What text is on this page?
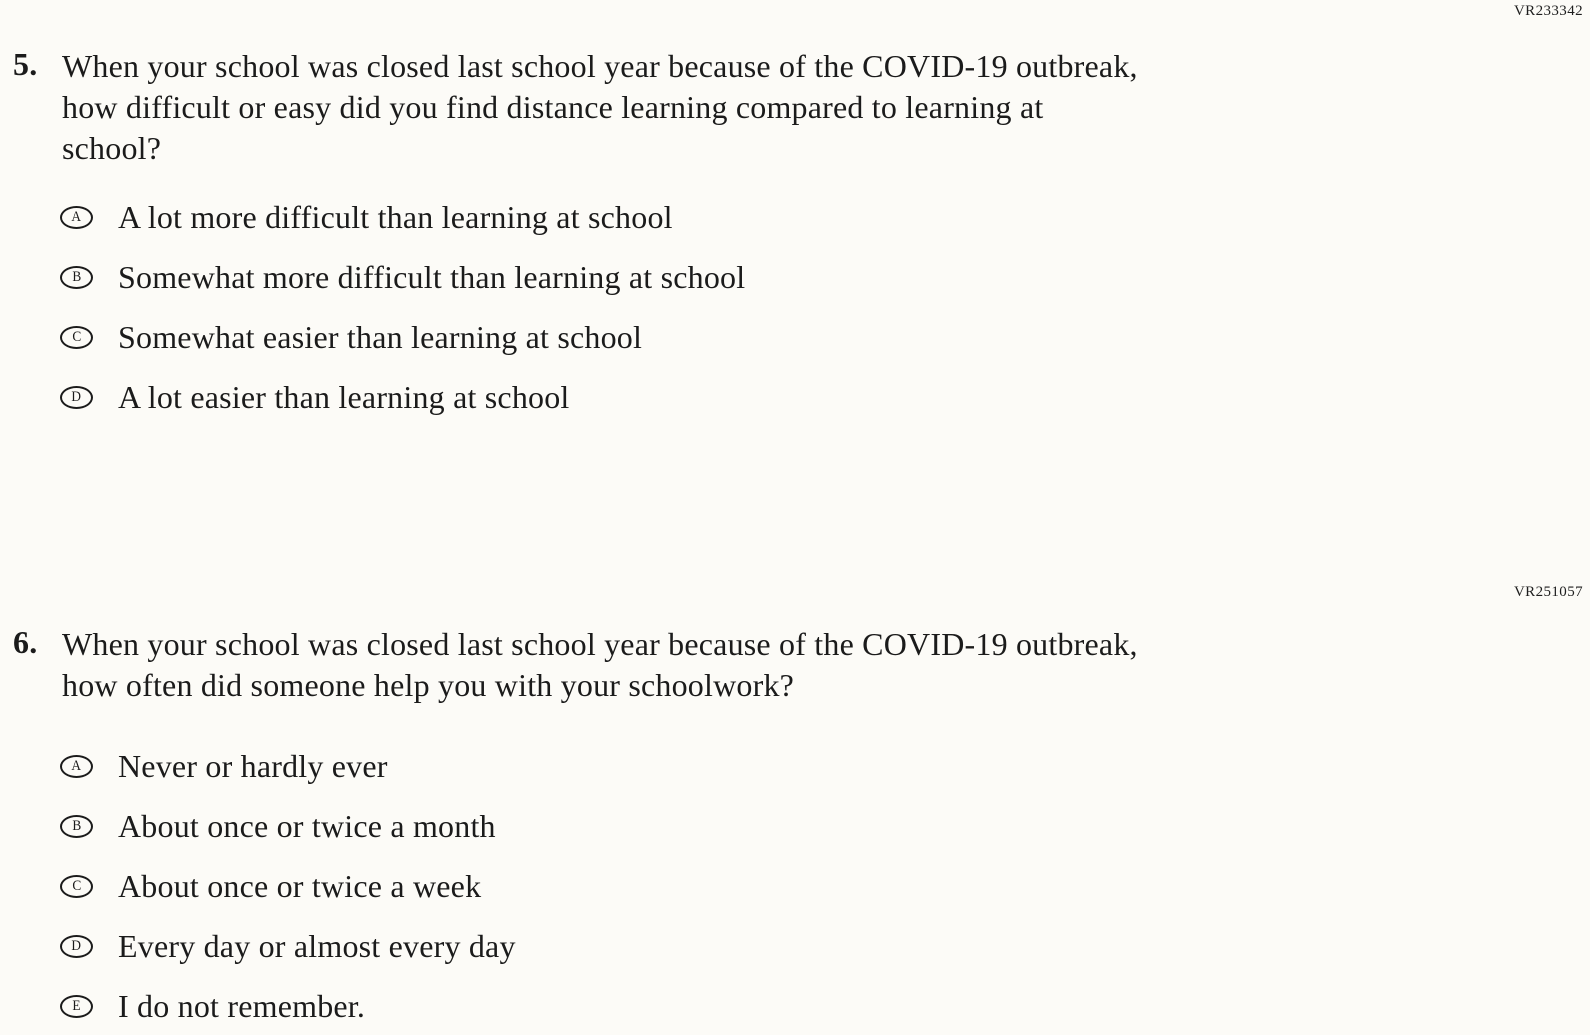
VR233342
5. When your school was closed last school year because of the COVID-19 outbreak,
how difficult or easy did you find distance learning compared to learning at
school?
A A lot more difficult than learning at school
B Somewhat more difficult than learning at school
C Somewhat easier than learning at school
D A lot easier than learning at school
VR251057
6. When your school was closed last school year because of the COVID-19 outbreak,
how often did someone help you with your schoolwork?
A Never or hardly ever
B About once or twice a month
C About once or twice a week
D Every day or almost every day
E I do not remember.
